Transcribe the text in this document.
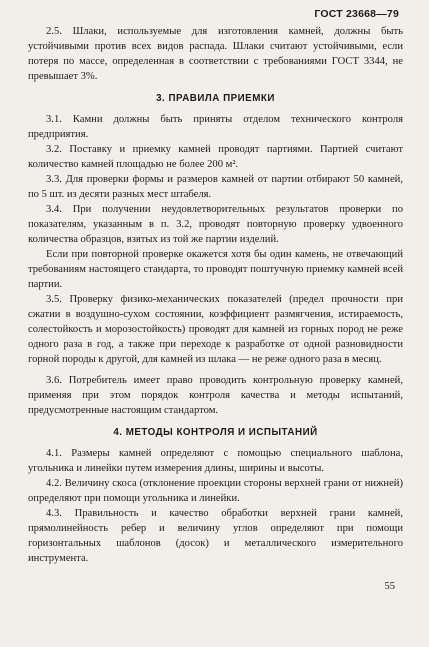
ГОСТ 23668—79

2.5. Шлаки, используемые для изготовления камней, должны быть устойчивыми против всех видов распада. Шлаки считают устойчивыми, если потеря по массе, определенная в соответствии с требованиями ГОСТ 3344, не превышает 3%.

3. ПРАВИЛА ПРИЕМКИ

3.1. Камни должны быть приняты отделом технического контроля предприятия.

3.2. Поставку и приемку камней проводят партиями. Партией считают количество камней площадью не более 200 м².

3.3. Для проверки формы и размеров камней от партии отбирают 50 камней, по 5 шт. из десяти разных мест штабеля.

3.4. При получении неудовлетворительных результатов проверки по показателям, указанным в п. 3.2, проводят повторную проверку удвоенного количества образцов, взятых из той же партии изделий.

Если при повторной проверке окажется хотя бы один камень, не отвечающий требованиям настоящего стандарта, то проводят поштучную приемку камней всей партии.

3.5. Проверку физико-механических показателей (предел прочности при сжатии в воздушно-сухом состоянии, коэффициент размягчения, истираемость, солестойкость и морозостойкость) проводят для камней из горных пород не реже одного раза в год, а также при переходе к разработке от одной разновидности горной породы к другой, для камней из шлака — не реже одного раза в месяц.

3.6. Потребитель имеет право проводить контрольную проверку камней, применяя при этом порядок контроля качества и методы испытаний, предусмотренные настоящим стандартом.

4. МЕТОДЫ КОНТРОЛЯ И ИСПЫТАНИЙ

4.1. Размеры камней определяют с помощью специального шаблона, угольника и линейки путем измерения длины, ширины и высоты.

4.2. Величину скоса (отклонение проекции стороны верхней грани от нижней) определяют при помощи угольника и линейки.

4.3. Правильность и качество обработки верхней грани камней, прямолинейность ребер и величину углов определяют при помощи горизонтальных шаблонов (досок) и металлического измерительного инструмента.

55
